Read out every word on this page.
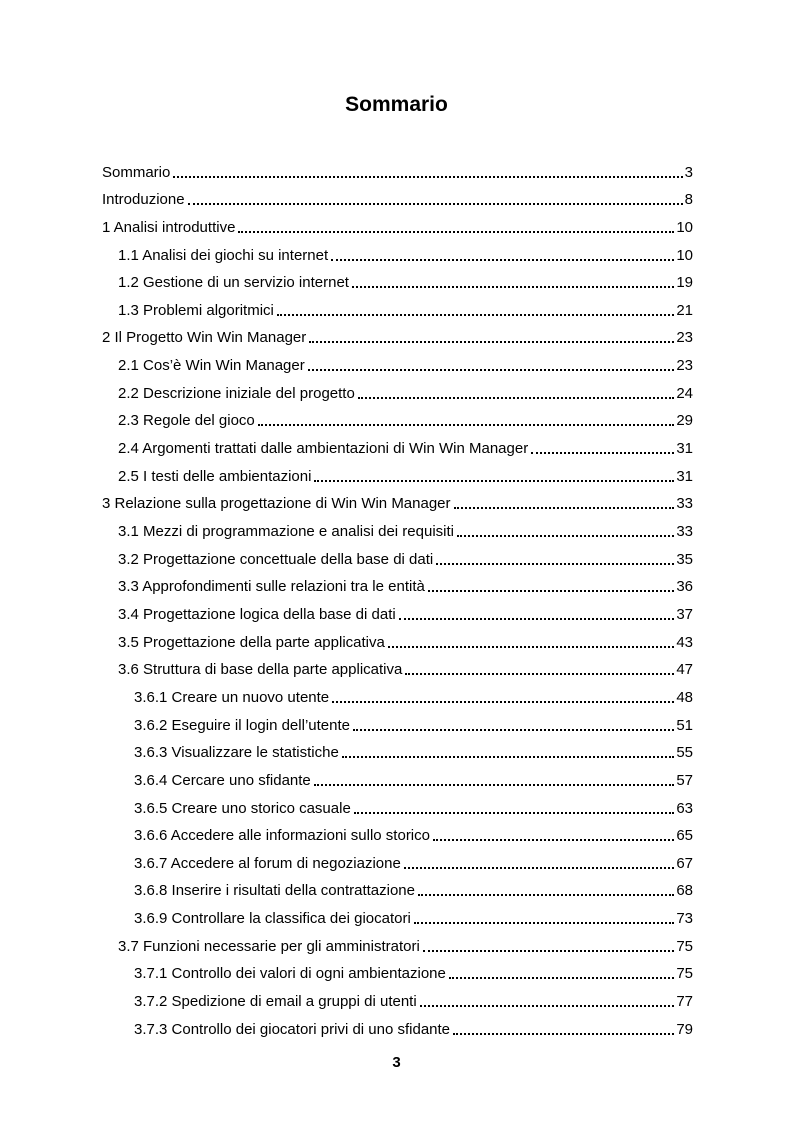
Sommario
Sommario	3
Introduzione	8
1 Analisi introduttive	10
1.1 Analisi dei giochi su internet	10
1.2 Gestione di un servizio internet	19
1.3 Problemi algoritmici	21
2 Il Progetto Win Win Manager	23
2.1 Cos’è Win Win Manager	23
2.2 Descrizione iniziale del progetto	24
2.3 Regole del gioco	29
2.4 Argomenti trattati dalle ambientazioni di Win Win Manager	31
2.5 I testi delle ambientazioni	31
3 Relazione sulla progettazione di Win Win Manager	33
3.1 Mezzi di programmazione e analisi dei requisiti	33
3.2 Progettazione concettuale della base di dati	35
3.3 Approfondimenti sulle relazioni tra le entità	36
3.4 Progettazione logica della base di dati	37
3.5 Progettazione della parte applicativa	43
3.6 Struttura di base della parte applicativa	47
3.6.1 Creare un nuovo utente	48
3.6.2 Eseguire il login dell’utente	51
3.6.3 Visualizzare le statistiche	55
3.6.4 Cercare uno sfidante	57
3.6.5 Creare uno storico casuale	63
3.6.6 Accedere alle informazioni sullo storico	65
3.6.7 Accedere al forum di negoziazione	67
3.6.8 Inserire i risultati della contrattazione	68
3.6.9 Controllare la classifica dei giocatori	73
3.7 Funzioni necessarie per gli amministratori	75
3.7.1 Controllo dei valori di ogni ambientazione	75
3.7.2 Spedizione di email a gruppi di utenti	77
3.7.3 Controllo dei giocatori privi di uno sfidante	79
3
